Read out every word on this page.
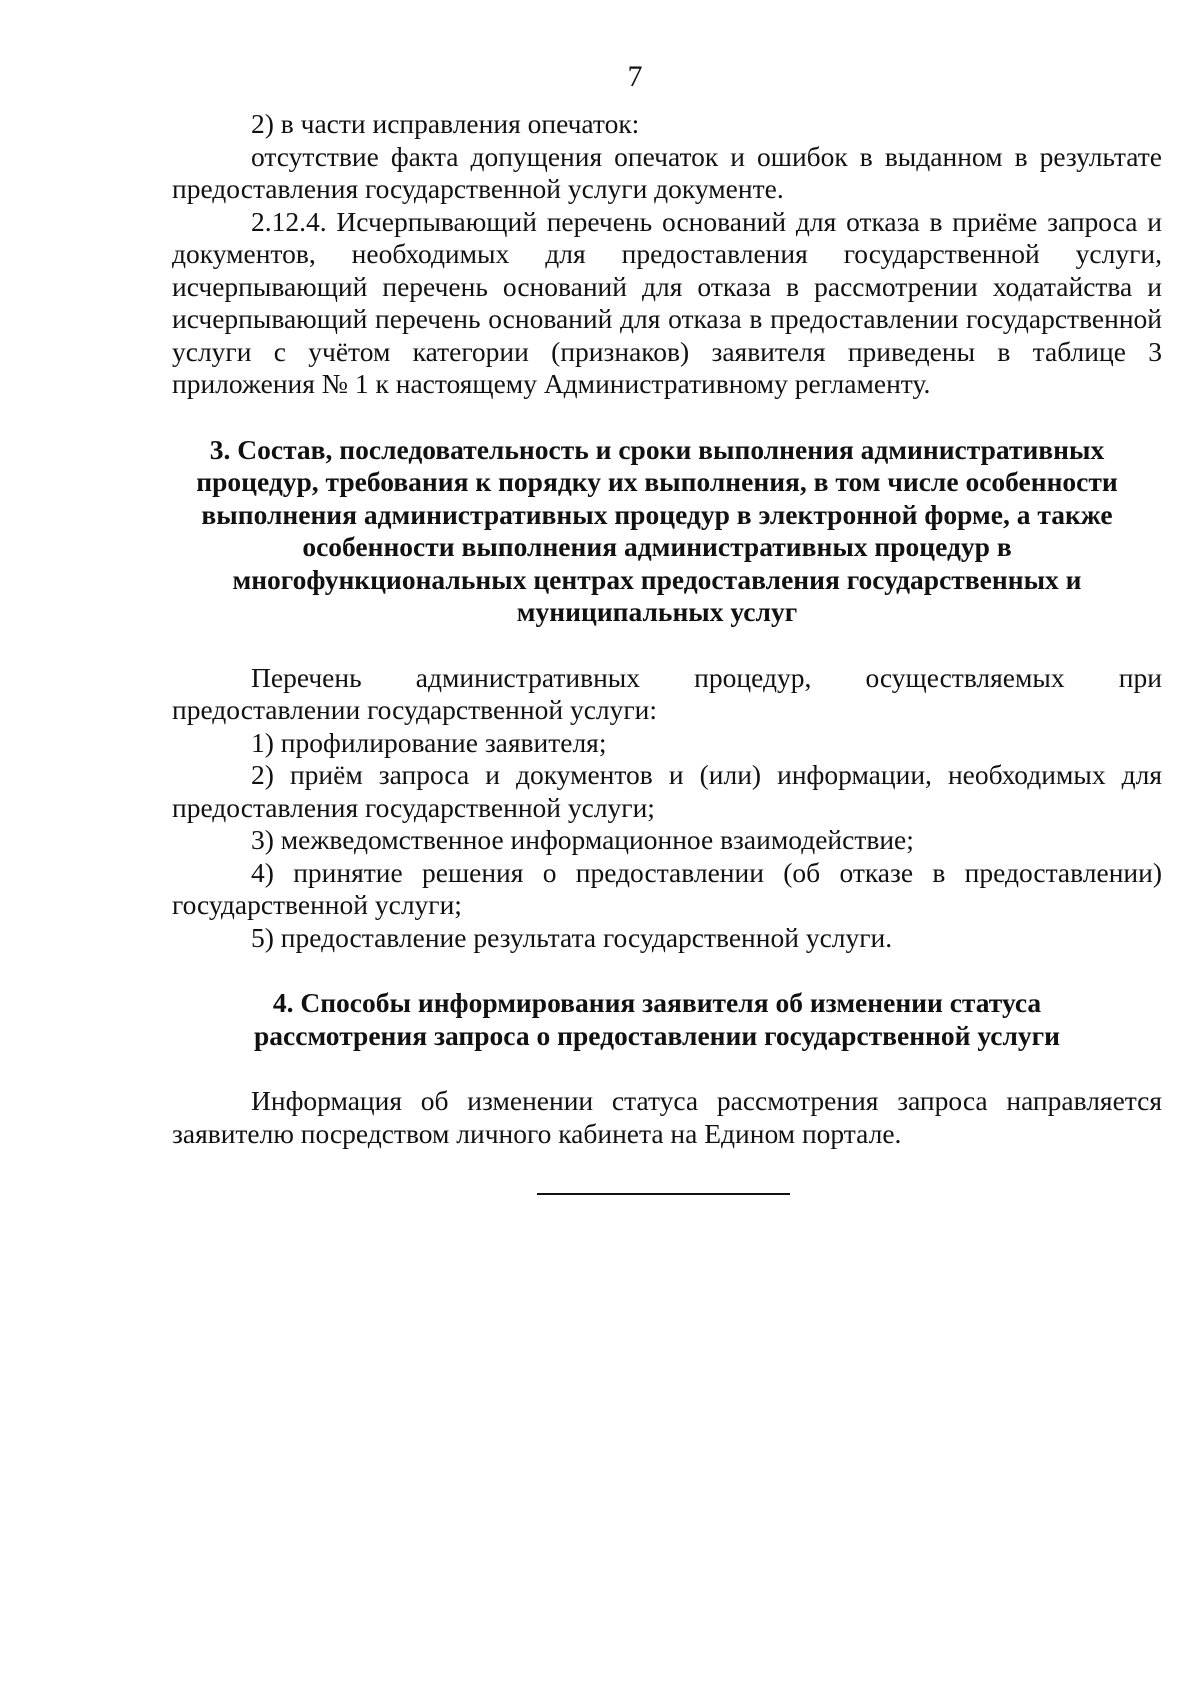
7

2) в части исправления опечаток:

отсутствие факта допущения опечаток и ошибок в выданном в результате предоставления государственной услуги документе.

2.12.4. Исчерпывающий перечень оснований для отказа в приёме запроса и документов, необходимых для предоставления государственной услуги, исчерпывающий перечень оснований для отказа в рассмотрении ходатайства и исчерпывающий перечень оснований для отказа в предоставлении государственной услуги с учётом категории (признаков) заявителя приведены в таблице 3 приложения № 1 к настоящему Административному регламенту.

3. Состав, последовательность и сроки выполнения административных процедур, требования к порядку их выполнения, в том числе особенности выполнения административных процедур в электронной форме, а также особенности выполнения административных процедур в многофункциональных центрах предоставления государственных и муниципальных услуг

Перечень административных процедур, осуществляемых при предоставлении государственной услуги:

1) профилирование заявителя;

2) приём запроса и документов и (или) информации, необходимых для предоставления государственной услуги;

3) межведомственное информационное взаимодействие;

4) принятие решения о предоставлении (об отказе в предоставлении) государственной услуги;

5) предоставление результата государственной услуги.

4. Способы информирования заявителя об изменении статуса рассмотрения запроса о предоставлении государственной услуги

Информация об изменении статуса рассмотрения запроса направляется заявителю посредством личного кабинета на Едином портале.
